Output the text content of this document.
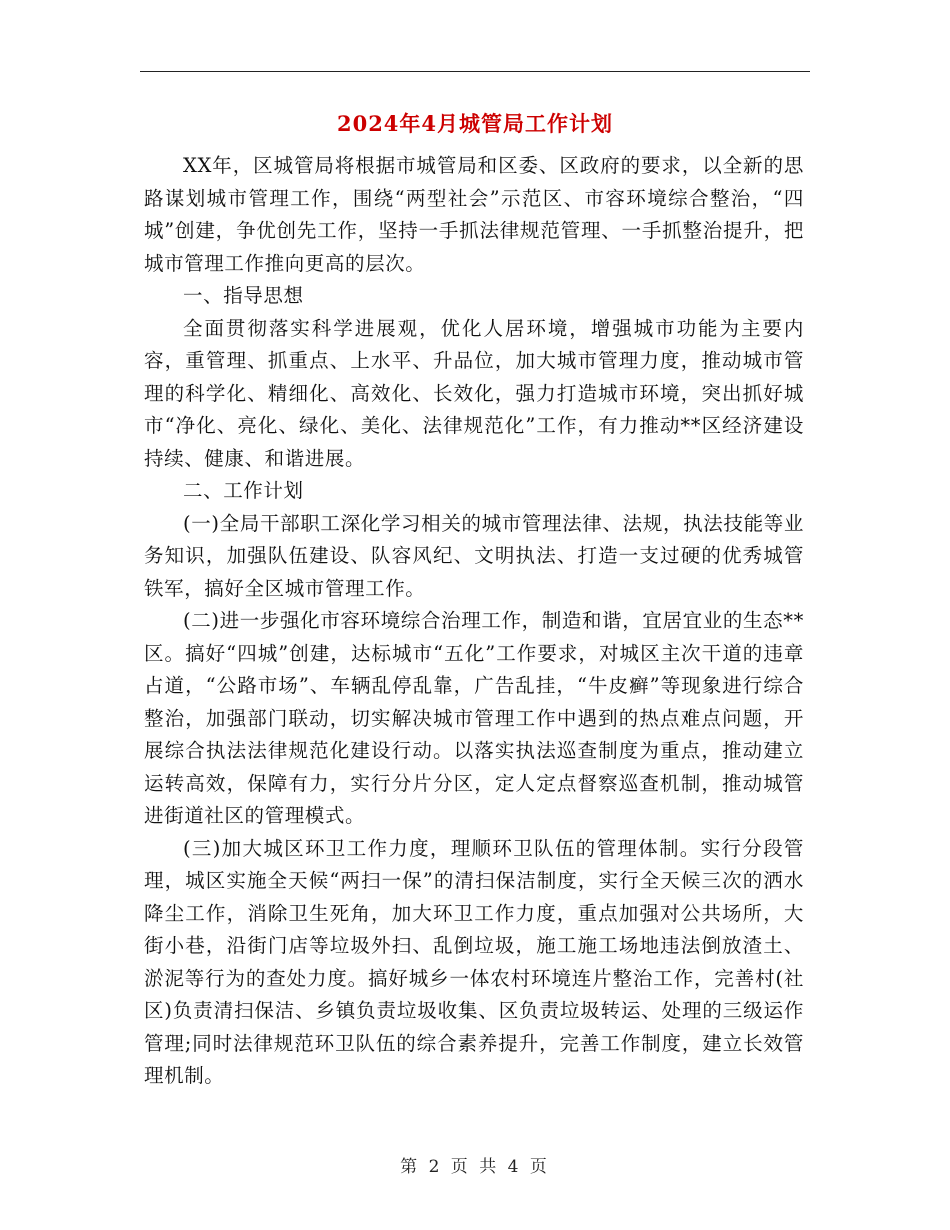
2024年4月城管局工作计划

XX年，区城管局将根据市城管局和区委、区政府的要求，以全新的思路谋划城市管理工作，围绕“两型社会”示范区、市容环境综合整治，“四城”创建，争优创先工作，坚持一手抓法律规范管理、一手抓整治提升，把城市管理工作推向更高的层次。

一、指导思想

全面贯彻落实科学进展观，优化人居环境，增强城市功能为主要内容，重管理、抓重点、上水平、升品位，加大城市管理力度，推动城市管理的科学化、精细化、高效化、长效化，强力打造城市环境，突出抓好城市“净化、亮化、绿化、美化、法律规范化”工作，有力推动**区经济建设持续、健康、和谐进展。

二、工作计划

(一)全局干部职工深化学习相关的城市管理法律、法规，执法技能等业务知识，加强队伍建设、队容风纪、文明执法、打造一支过硬的优秀城管铁军，搞好全区城市管理工作。

(二)进一步强化市容环境综合治理工作，制造和谐，宜居宜业的生态**区。搞好“四城”创建，达标城市“五化”工作要求，对城区主次干道的违章占道，“公路市场”、车辆乱停乱靠，广告乱挂，“牛皮癣”等现象进行综合整治，加强部门联动，切实解决城市管理工作中遇到的热点难点问题，开展综合执法法律规范化建设行动。以落实执法巡查制度为重点，推动建立运转高效，保障有力，实行分片分区，定人定点督察巡查机制，推动城管进街道社区的管理模式。

(三)加大城区环卫工作力度，理顺环卫队伍的管理体制。实行分段管理，城区实施全天候“两扫一保”的清扫保洁制度，实行全天候三次的洒水降尘工作，消除卫生死角，加大环卫工作力度，重点加强对公共场所，大街小巷，沿街门店等垃圾外扫、乱倒垃圾，施工施工场地违法倒放渣土、淤泥等行为的查处力度。搞好城乡一体农村环境连片整治工作，完善村(社区)负责清扫保洁、乡镇负责垃圾收集、区负责垃圾转运、处理的三级运作管理;同时法律规范环卫队伍的综合素养提升，完善工作制度，建立长效管理机制。

第 2 页 共 4 页
